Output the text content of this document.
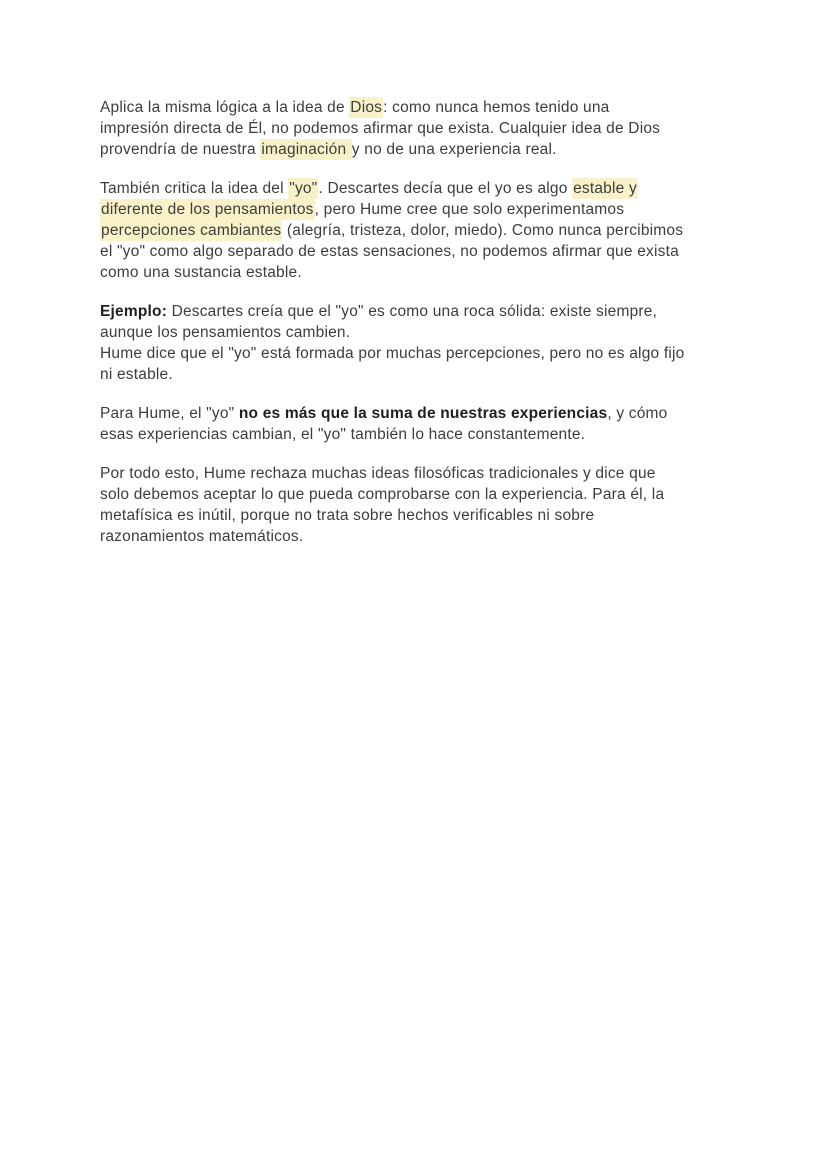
Aplica la misma lógica a la idea de Dios: como nunca hemos tenido una
impresión directa de Él, no podemos afirmar que exista. Cualquier idea de Dios
provendría de nuestra imaginación y no de una experiencia real.

También critica la idea del "yo". Descartes decía que el yo es algo estable y
diferente de los pensamientos, pero Hume cree que solo experimentamos
percepciones cambiantes (alegría, tristeza, dolor, miedo). Como nunca percibimos
el "yo" como algo separado de estas sensaciones, no podemos afirmar que exista
como una sustancia estable.

Ejemplo: Descartes creía que el "yo" es como una roca sólida: existe siempre,
aunque los pensamientos cambien.
Hume dice que el "yo" está formada por muchas percepciones, pero no es algo fijo
ni estable.

Para Hume, el "yo" no es más que la suma de nuestras experiencias, y cómo
esas experiencias cambian, el "yo" también lo hace constantemente.

Por todo esto, Hume rechaza muchas ideas filosóficas tradicionales y dice que
solo debemos aceptar lo que pueda comprobarse con la experiencia. Para él, la
metafísica es inútil, porque no trata sobre hechos verificables ni sobre
razonamientos matemáticos.
